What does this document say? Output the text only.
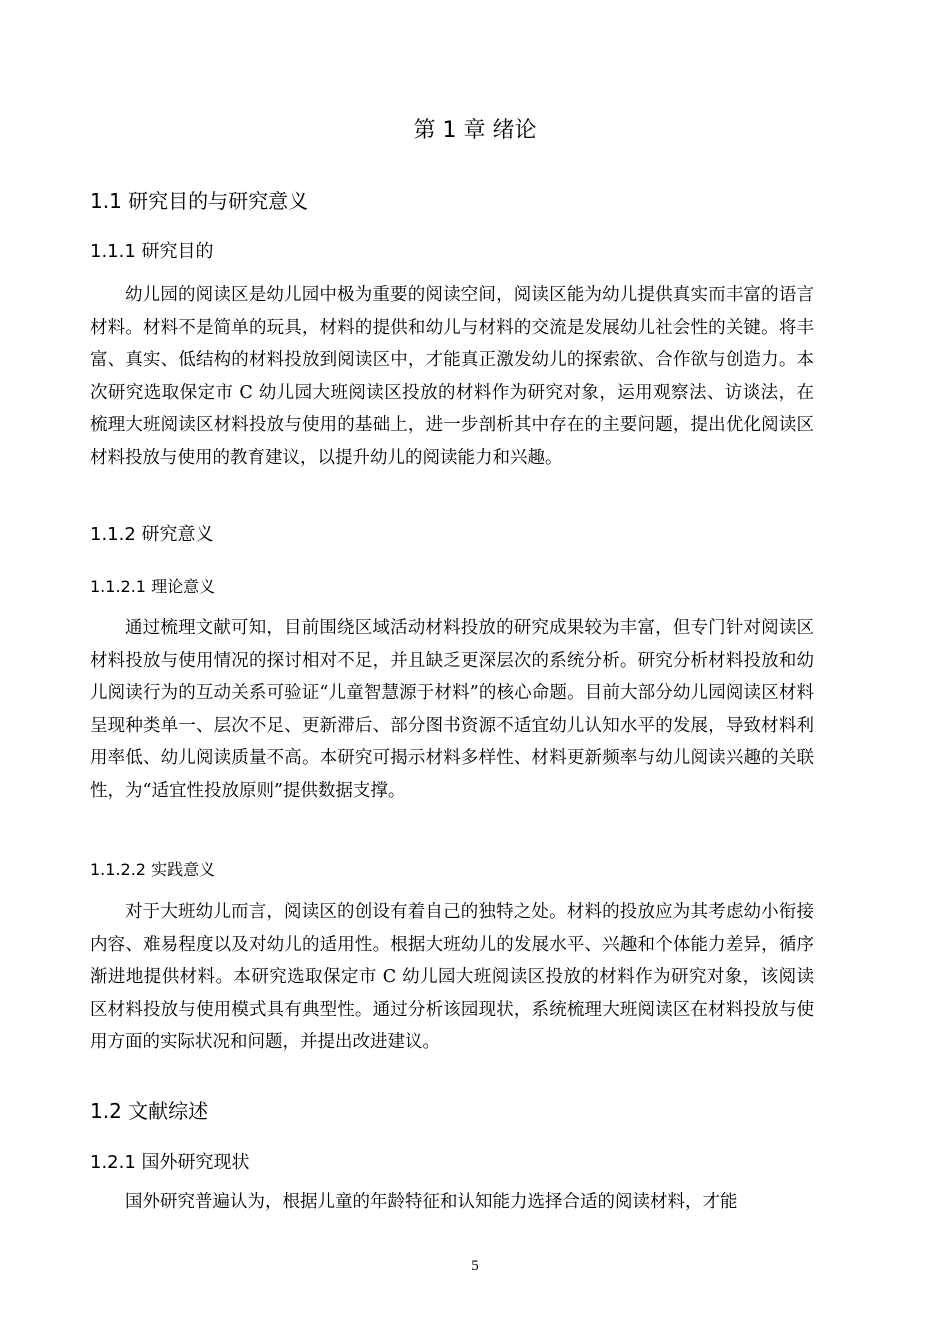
第 1 章 绪论
1.1 研究目的与研究意义
1.1.1 研究目的

幼儿园的阅读区是幼儿园中极为重要的阅读空间，阅读区能为幼儿提供真实而丰富的语言材料。材料不是简单的玩具，材料的提供和幼儿与材料的交流是发展幼儿社会性的关键。将丰富、真实、低结构的材料投放到阅读区中，才能真正激发幼儿的探索欲、合作欲与创造力。本次研究选取保定市 C 幼儿园大班阅读区投放的材料作为研究对象，运用观察法、访谈法，在梳理大班阅读区材料投放与使用的基础上，进一步剖析其中存在的主要问题，提出优化阅读区材料投放与使用的教育建议，以提升幼儿的阅读能力和兴趣。

1.1.2 研究意义
1.1.2.1 理论意义

通过梳理文献可知，目前围绕区域活动材料投放的研究成果较为丰富，但专门针对阅读区材料投放与使用情况的探讨相对不足，并且缺乏更深层次的系统分析。研究分析材料投放和幼儿阅读行为的互动关系可验证“儿童智慧源于材料”的核心命题。目前大部分幼儿园阅读区材料呈现种类单一、层次不足、更新滞后、部分图书资源不适宜幼儿认知水平的发展，导致材料利用率低、幼儿阅读质量不高。本研究可揭示材料多样性、材料更新频率与幼儿阅读兴趣的关联性，为“适宜性投放原则”提供数据支撑。

1.1.2.2 实践意义

对于大班幼儿而言，阅读区的创设有着自己的独特之处。材料的投放应为其考虑幼小衔接内容、难易程度以及对幼儿的适用性。根据大班幼儿的发展水平、兴趣和个体能力差异，循序渐进地提供材料。本研究选取保定市 C 幼儿园大班阅读区投放的材料作为研究对象，该阅读区材料投放与使用模式具有典型性。通过分析该园现状，系统梳理大班阅读区在材料投放与使用方面的实际状况和问题，并提出改进建议。

1.2 文献综述
1.2.1 国外研究现状

国外研究普遍认为，根据儿童的年龄特征和认知能力选择合适的阅读材料，才能

5
